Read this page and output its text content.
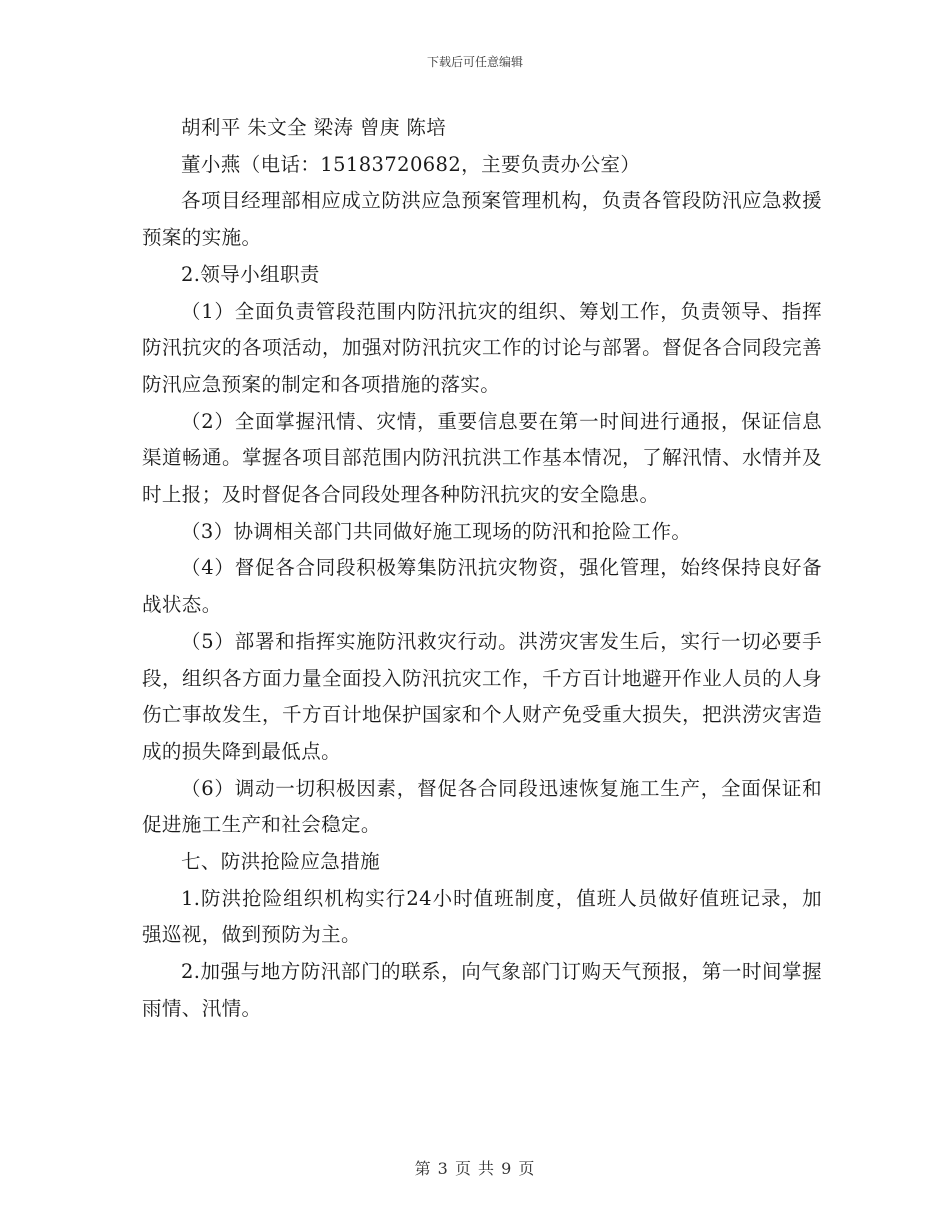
下载后可任意编辑

胡利平 朱文全 梁涛 曾庚 陈培

董小燕（电话：15183720682，主要负责办公室）

各项目经理部相应成立防洪应急预案管理机构，负责各管段防汛应急救援预案的实施。

2.领导小组职责

（1）全面负责管段范围内防汛抗灾的组织、筹划工作，负责领导、指挥防汛抗灾的各项活动，加强对防汛抗灾工作的讨论与部署。督促各合同段完善防汛应急预案的制定和各项措施的落实。

（2）全面掌握汛情、灾情，重要信息要在第一时间进行通报，保证信息渠道畅通。掌握各项目部范围内防汛抗洪工作基本情况，了解汛情、水情并及时上报；及时督促各合同段处理各种防汛抗灾的安全隐患。

（3）协调相关部门共同做好施工现场的防汛和抢险工作。

（4）督促各合同段积极筹集防汛抗灾物资，强化管理，始终保持良好备战状态。

（5）部署和指挥实施防汛救灾行动。洪涝灾害发生后，实行一切必要手段，组织各方面力量全面投入防汛抗灾工作，千方百计地避开作业人员的人身伤亡事故发生，千方百计地保护国家和个人财产免受重大损失，把洪涝灾害造成的损失降到最低点。

（6）调动一切积极因素，督促各合同段迅速恢复施工生产，全面保证和促进施工生产和社会稳定。

七、防洪抢险应急措施

1.防洪抢险组织机构实行24小时值班制度，值班人员做好值班记录，加强巡视，做到预防为主。

2.加强与地方防汛部门的联系，向气象部门订购天气预报，第一时间掌握雨情、汛情。

第 3 页 共 9 页
